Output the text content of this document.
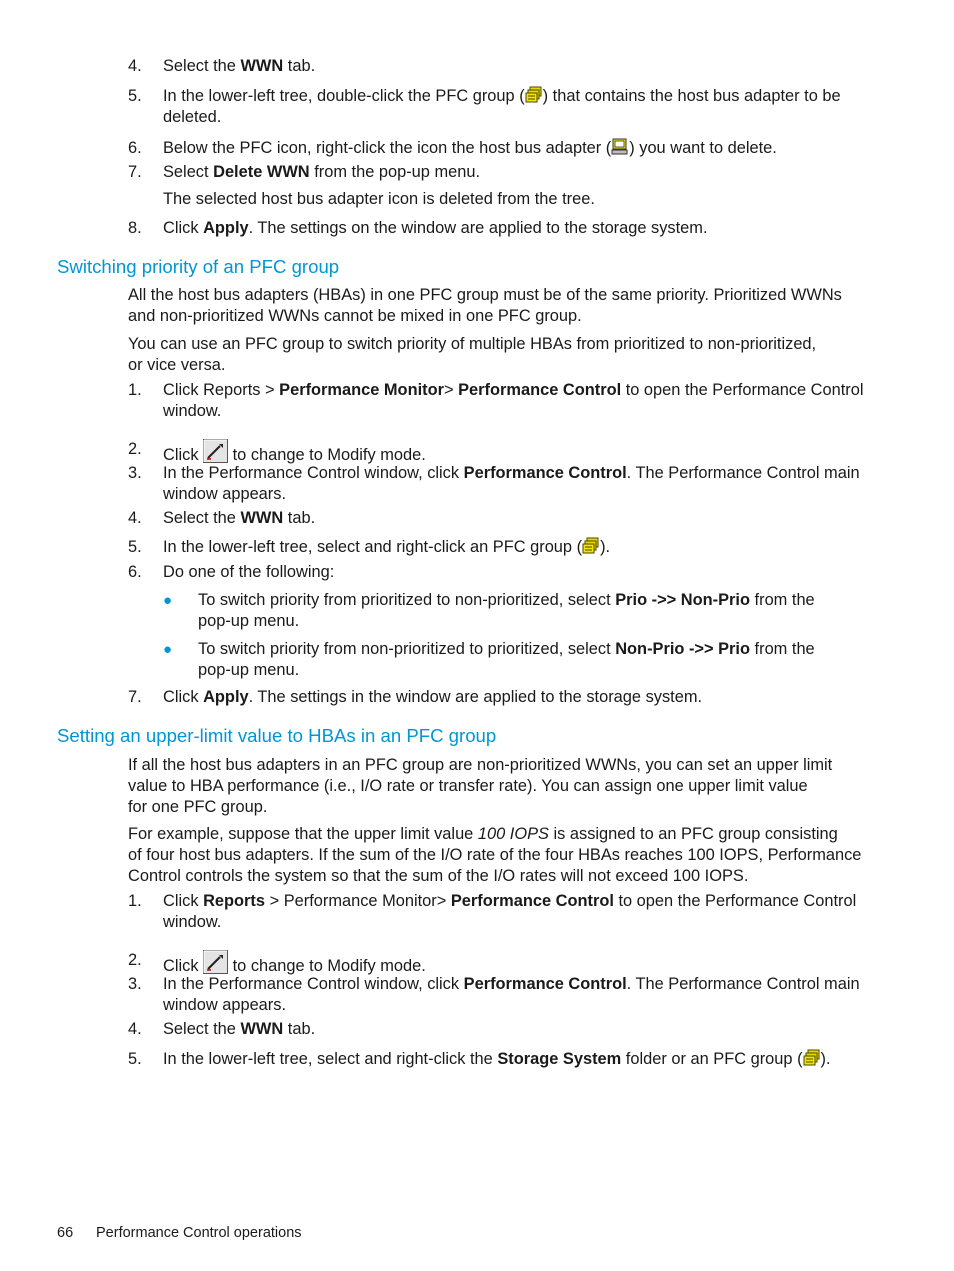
4. Select the WWN tab.
5. In the lower-left tree, double-click the PFC group ( ) that contains the host bus adapter to be
deleted.
6. Below the PFC icon, right-click the icon the host bus adapter ( ) you want to delete.
7. Select Delete WWN from the pop-up menu.
The selected host bus adapter icon is deleted from the tree.
8. Click Apply. The settings on the window are applied to the storage system.
Switching priority of an PFC group
All the host bus adapters (HBAs) in one PFC group must be of the same priority. Prioritized WWNs
and non-prioritized WWNs cannot be mixed in one PFC group.
You can use an PFC group to switch priority of multiple HBAs from prioritized to non-prioritized,
or vice versa.
1. Click Reports > Performance Monitor> Performance Control to open the Performance Control
window.
2. Click  to change to Modify mode.
3. In the Performance Control window, click Performance Control. The Performance Control main
window appears.
4. Select the WWN tab.
5. In the lower-left tree, select and right-click an PFC group ( ).
6. Do one of the following:
● To switch priority from prioritized to non-prioritized, select Prio ->> Non-Prio from the
pop-up menu.
● To switch priority from non-prioritized to prioritized, select Non-Prio ->> Prio from the
pop-up menu.
7. Click Apply. The settings in the window are applied to the storage system.
Setting an upper-limit value to HBAs in an PFC group
If all the host bus adapters in an PFC group are non-prioritized WWNs, you can set an upper limit
value to HBA performance (i.e., I/O rate or transfer rate). You can assign one upper limit value
for one PFC group.
For example, suppose that the upper limit value 100 IOPS is assigned to an PFC group consisting
of four host bus adapters. If the sum of the I/O rate of the four HBAs reaches 100 IOPS, Performance
Control controls the system so that the sum of the I/O rates will not exceed 100 IOPS.
1. Click Reports > Performance Monitor> Performance Control to open the Performance Control
window.
2. Click  to change to Modify mode.
3. In the Performance Control window, click Performance Control. The Performance Control main
window appears.
4. Select the WWN tab.
5. In the lower-left tree, select and right-click the Storage System folder or an PFC group ( ).
66 Performance Control operations
